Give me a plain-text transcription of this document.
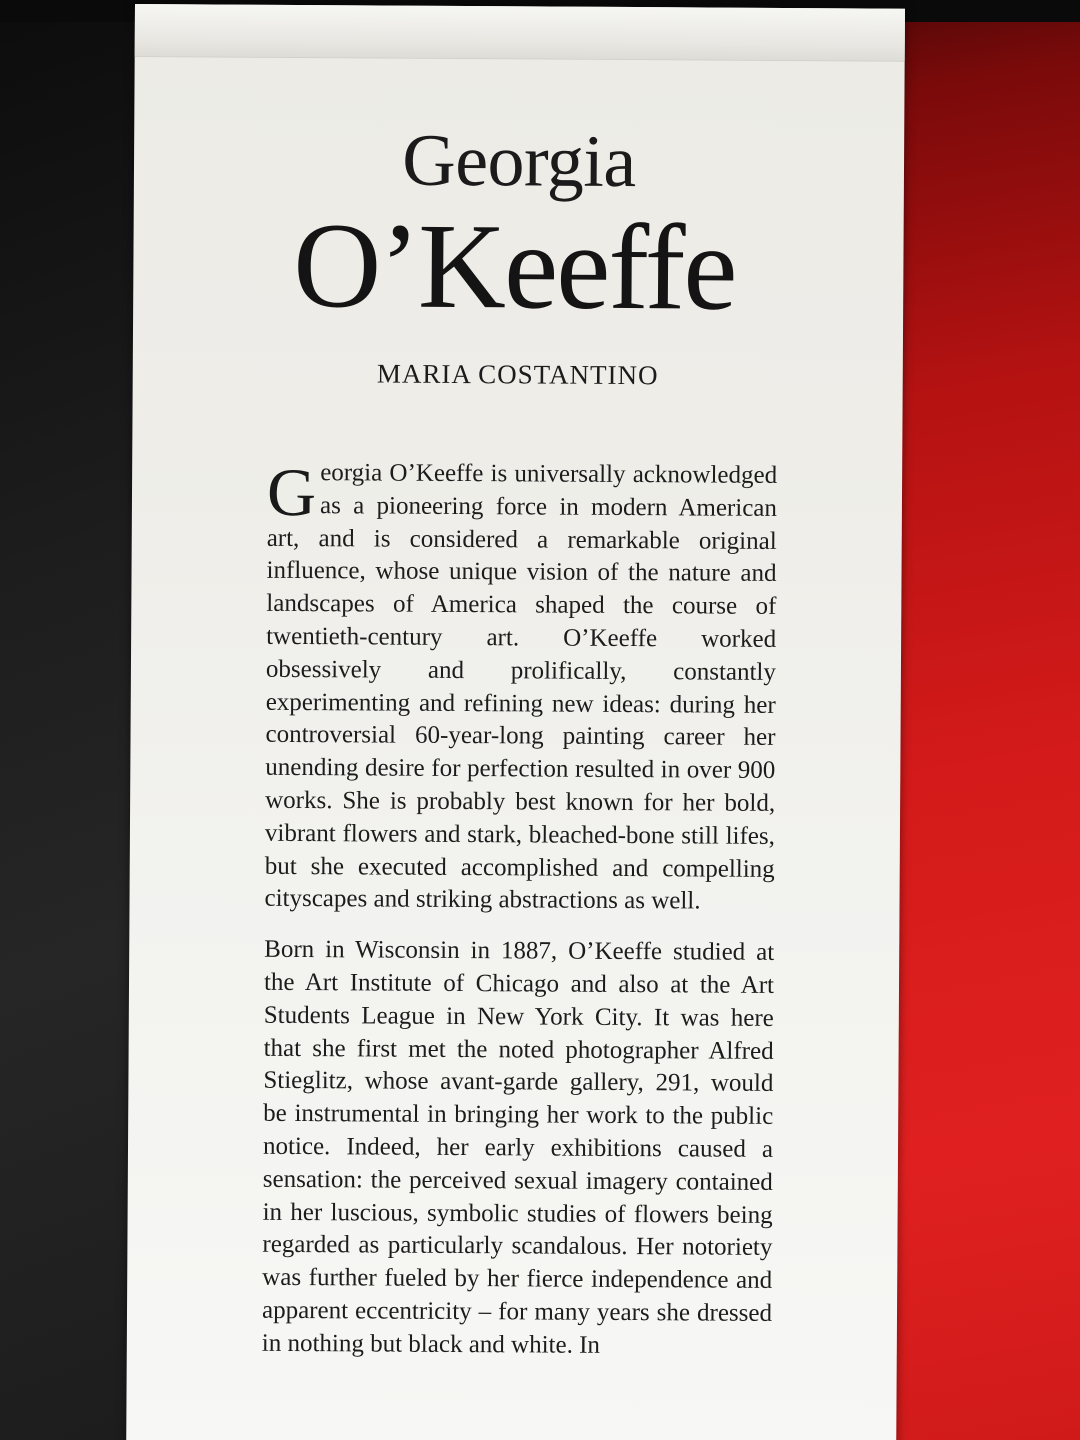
Georgia
O’Keeffe
MARIA COSTANTINO

Georgia O’Keeffe is universally acknowledged as a pioneering force in modern American art, and is considered a remarkable original influence, whose unique vision of the nature and landscapes of America shaped the course of twentieth-century art. O’Keeffe worked obsessively and prolifically, constantly experimenting and refining new ideas: during her controversial 60-year-long painting career her unending desire for perfection resulted in over 900 works. She is probably best known for her bold, vibrant flowers and stark, bleached-bone still lifes, but she executed accomplished and compelling cityscapes and striking abstractions as well.

Born in Wisconsin in 1887, O’Keeffe studied at the Art Institute of Chicago and also at the Art Students League in New York City. It was here that she first met the noted photographer Alfred Stieglitz, whose avant-garde gallery, 291, would be instrumental in bringing her work to the public notice. Indeed, her early exhibitions caused a sensation: the perceived sexual imagery contained in her luscious, symbolic studies of flowers being regarded as particularly scandalous. Her notoriety was further fueled by her fierce independence and apparent eccentricity – for many years she dressed in nothing but black and white. In
